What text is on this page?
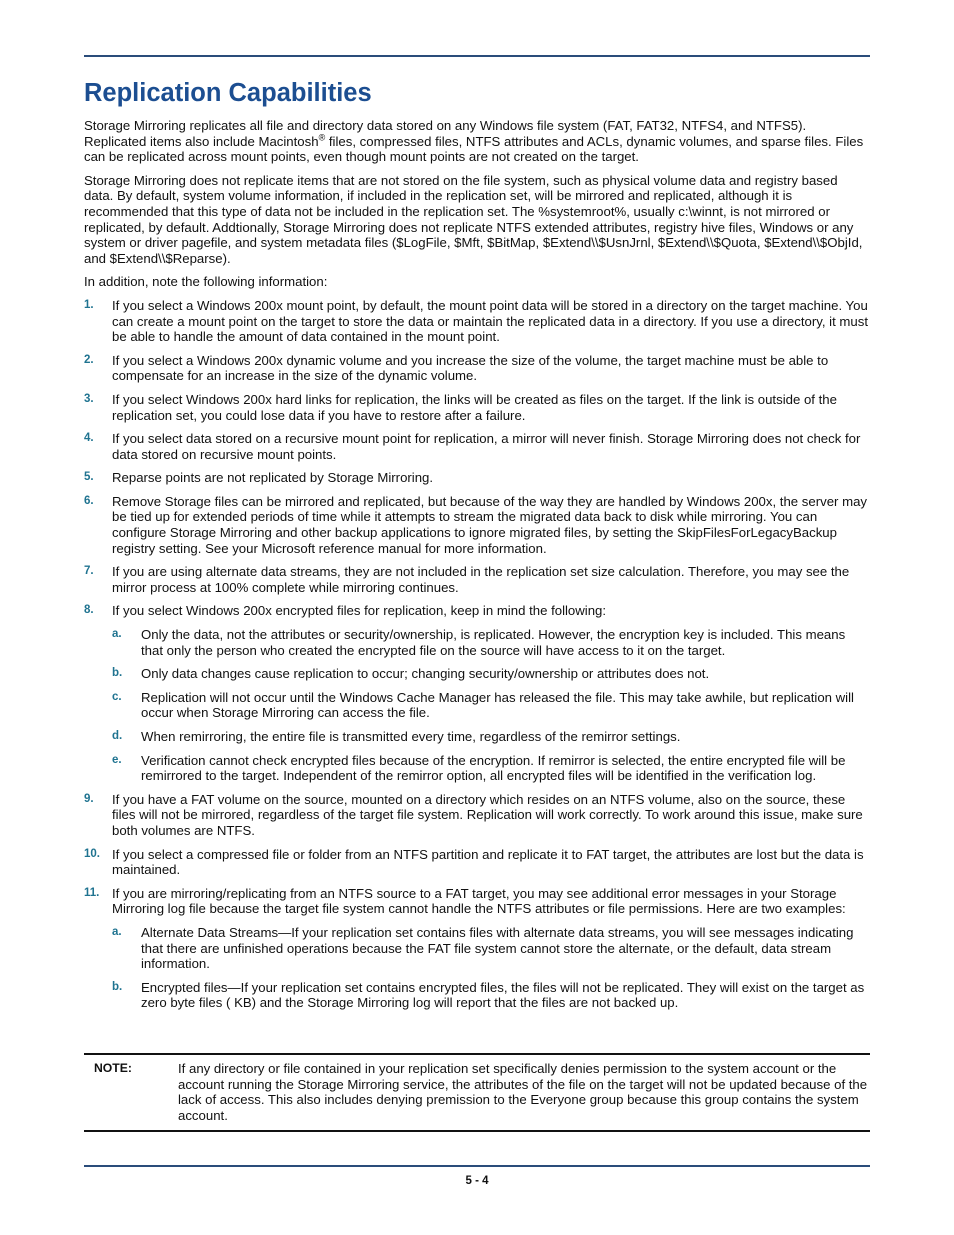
Replication Capabilities

Storage Mirroring replicates all file and directory data stored on any Windows file system (FAT, FAT32, NTFS4, and NTFS5). Replicated items also include Macintosh® files, compressed files, NTFS attributes and ACLs, dynamic volumes, and sparse files. Files can be replicated across mount points, even though mount points are not created on the target.

Storage Mirroring does not replicate items that are not stored on the file system, such as physical volume data and registry based data. By default, system volume information, if included in the replication set, will be mirrored and replicated, although it is recommended that this type of data not be included in the replication set. The %systemroot%, usually c:\winnt, is not mirrored or replicated, by default. Addtionally, Storage Mirroring does not replicate NTFS extended attributes, registry hive files, Windows or any system or driver pagefile, and system metadata files ($LogFile, $Mft, $BitMap, $Extend\\$UsnJrnl, $Extend\\$Quota, $Extend\\$ObjId, and $Extend\\$Reparse).

In addition, note the following information:

1. If you select a Windows 200x mount point, by default, the mount point data will be stored in a directory on the target machine. You can create a mount point on the target to store the data or maintain the replicated data in a directory. If you use a directory, it must be able to handle the amount of data contained in the mount point.
2. If you select a Windows 200x dynamic volume and you increase the size of the volume, the target machine must be able to compensate for an increase in the size of the dynamic volume.
3. If you select Windows 200x hard links for replication, the links will be created as files on the target. If the link is outside of the replication set, you could lose data if you have to restore after a failure.
4. If you select data stored on a recursive mount point for replication, a mirror will never finish. Storage Mirroring does not check for data stored on recursive mount points.
5. Reparse points are not replicated by Storage Mirroring.
6. Remove Storage files can be mirrored and replicated, but because of the way they are handled by Windows 200x, the server may be tied up for extended periods of time while it attempts to stream the migrated data back to disk while mirroring. You can configure Storage Mirroring and other backup applications to ignore migrated files, by setting the SkipFilesForLegacyBackup registry setting. See your Microsoft reference manual for more information.
7. If you are using alternate data streams, they are not included in the replication set size calculation. Therefore, you may see the mirror process at 100% complete while mirroring continues.
8. If you select Windows 200x encrypted files for replication, keep in mind the following:
a. Only the data, not the attributes or security/ownership, is replicated. However, the encryption key is included. This means that only the person who created the encrypted file on the source will have access to it on the target.
b. Only data changes cause replication to occur; changing security/ownership or attributes does not.
c. Replication will not occur until the Windows Cache Manager has released the file. This may take awhile, but replication will occur when Storage Mirroring can access the file.
d. When remirroring, the entire file is transmitted every time, regardless of the remirror settings.
e. Verification cannot check encrypted files because of the encryption. If remirror is selected, the entire encrypted file will be remirrored to the target. Independent of the remirror option, all encrypted files will be identified in the verification log.
9. If you have a FAT volume on the source, mounted on a directory which resides on an NTFS volume, also on the source, these files will not be mirrored, regardless of the target file system. Replication will work correctly. To work around this issue, make sure both volumes are NTFS.
10. If you select a compressed file or folder from an NTFS partition and replicate it to FAT target, the attributes are lost but the data is maintained.
11. If you are mirroring/replicating from an NTFS source to a FAT target, you may see additional error messages in your Storage Mirroring log file because the target file system cannot handle the NTFS attributes or file permissions. Here are two examples:
a. Alternate Data Streams—If your replication set contains files with alternate data streams, you will see messages indicating that there are unfinished operations because the FAT file system cannot store the alternate, or the default, data stream information.
b. Encrypted files—If your replication set contains encrypted files, the files will not be replicated. They will exist on the target as zero byte files ( KB) and the Storage Mirroring log will report that the files are not backed up.
NOTE:	If any directory or file contained in your replication set specifically denies permission to the system account or the account running the Storage Mirroring service, the attributes of the file on the target will not be updated because of the lack of access. This also includes denying premission to the Everyone group because this group contains the system account.
5 - 4
